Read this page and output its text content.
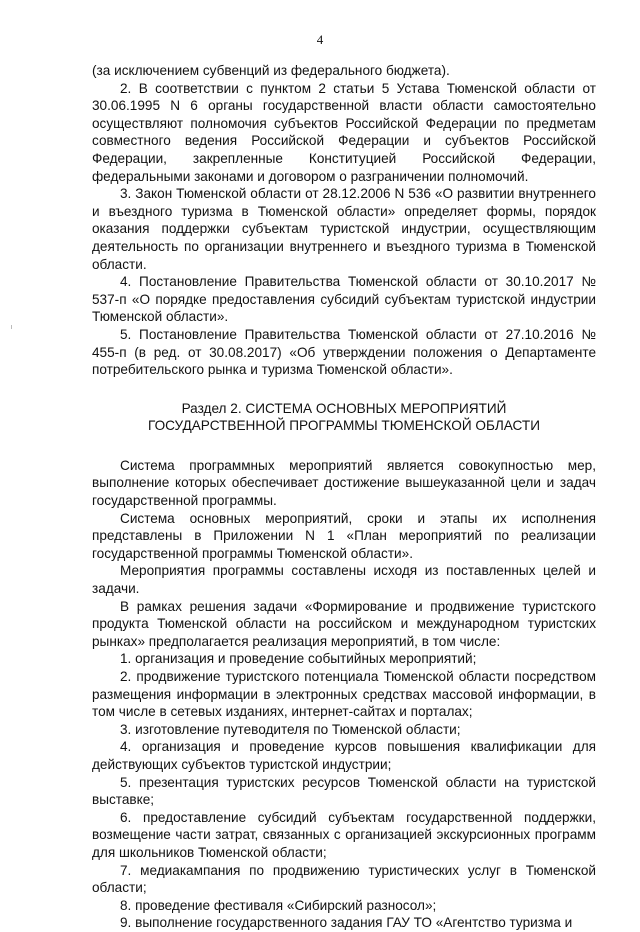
4

(за исключением субвенций из федерального бюджета).

2. В соответствии с пунктом 2 статьи 5 Устава Тюменской области от 30.06.1995 N 6 органы государственной власти области самостоятельно осуществляют полномочия субъектов Российской Федерации по предметам совместного ведения Российской Федерации и субъектов Российской Федерации, закрепленные Конституцией Российской Федерации, федеральными законами и договором о разграничении полномочий.

3. Закон Тюменской области от 28.12.2006 N 536 «О развитии внутреннего и въездного туризма в Тюменской области» определяет формы, порядок оказания поддержки субъектам туристской индустрии, осуществляющим деятельность по организации внутреннего и въездного туризма в Тюменской области.

4. Постановление Правительства Тюменской области от 30.10.2017 № 537-п «О порядке предоставления субсидий субъектам туристской индустрии Тюменской области».

5. Постановление Правительства Тюменской области от 27.10.2016 № 455-п (в ред. от 30.08.2017) «Об утверждении положения о Департаменте потребительского рынка и туризма Тюменской области».

Раздел 2. СИСТЕМА ОСНОВНЫХ МЕРОПРИЯТИЙ
ГОСУДАРСТВЕННОЙ ПРОГРАММЫ ТЮМЕНСКОЙ ОБЛАСТИ

Система программных мероприятий является совокупностью мер, выполнение которых обеспечивает достижение вышеуказанной цели и задач государственной программы.

Система основных мероприятий, сроки и этапы их исполнения представлены в Приложении N 1 «План мероприятий по реализации государственной программы Тюменской области».

Мероприятия программы составлены исходя из поставленных целей и задачи.

В рамках решения задачи «Формирование и продвижение туристского продукта Тюменской области на российском и международном туристских рынках» предполагается реализация мероприятий, в том числе:

1. организация и проведение событийных мероприятий;

2. продвижение туристского потенциала Тюменской области посредством размещения информации в электронных средствах массовой информации, в том числе в сетевых изданиях, интернет-сайтах и порталах;

3. изготовление путеводителя по Тюменской области;

4. организация и проведение курсов повышения квалификации для действующих субъектов туристской индустрии;

5. презентация туристских ресурсов Тюменской области на туристской выставке;

6. предоставление субсидий субъектам государственной поддержки, возмещение части затрат, связанных с организацией экскурсионных программ для школьников Тюменской области;

7. медиакампания по продвижению туристических услуг в Тюменской области;

8. проведение фестиваля «Сибирский разносол»;

9. выполнение государственного задания ГАУ ТО «Агентство туризма и
